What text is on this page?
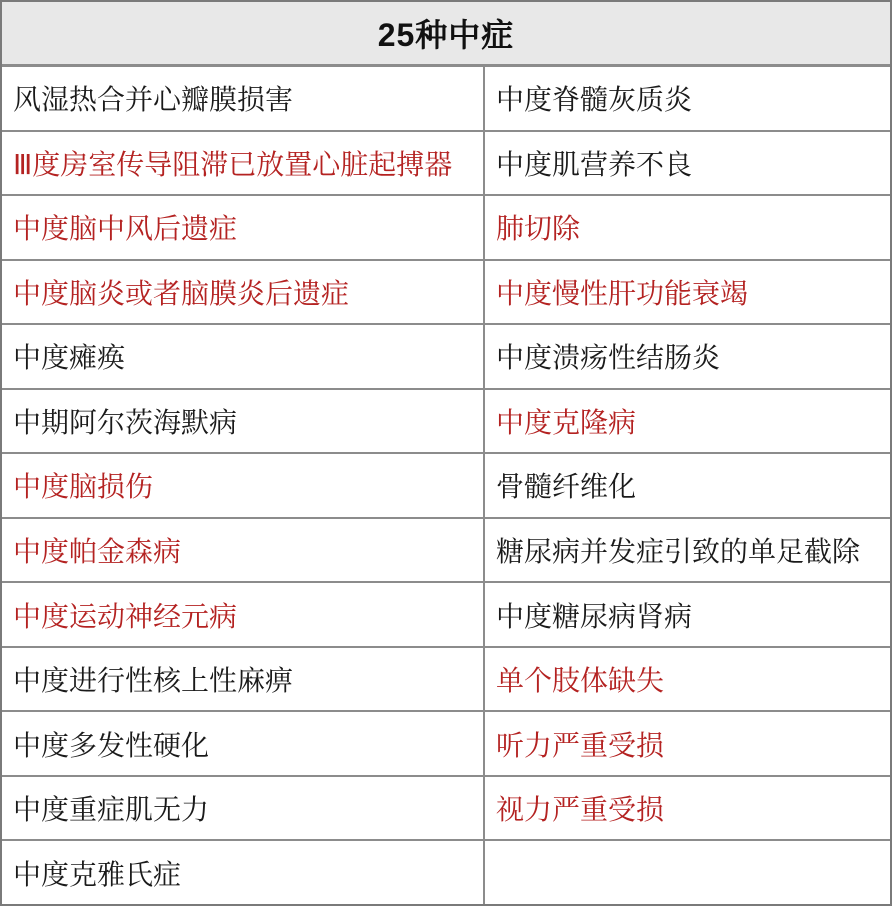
25种中症
风湿热合并心瓣膜损害	中度脊髓灰质炎
Ⅲ度房室传导阻滞已放置心脏起搏器	中度肌营养不良
中度脑中风后遗症	肺切除
中度脑炎或者脑膜炎后遗症	中度慢性肝功能衰竭
中度瘫痪	中度溃疡性结肠炎
中期阿尔茨海默病	中度克隆病
中度脑损伤	骨髓纤维化
中度帕金森病	糖尿病并发症引致的单足截除
中度运动神经元病	中度糖尿病肾病
中度进行性核上性麻痹	单个肢体缺失
中度多发性硬化	听力严重受损
中度重症肌无力	视力严重受损
中度克雅氏症
